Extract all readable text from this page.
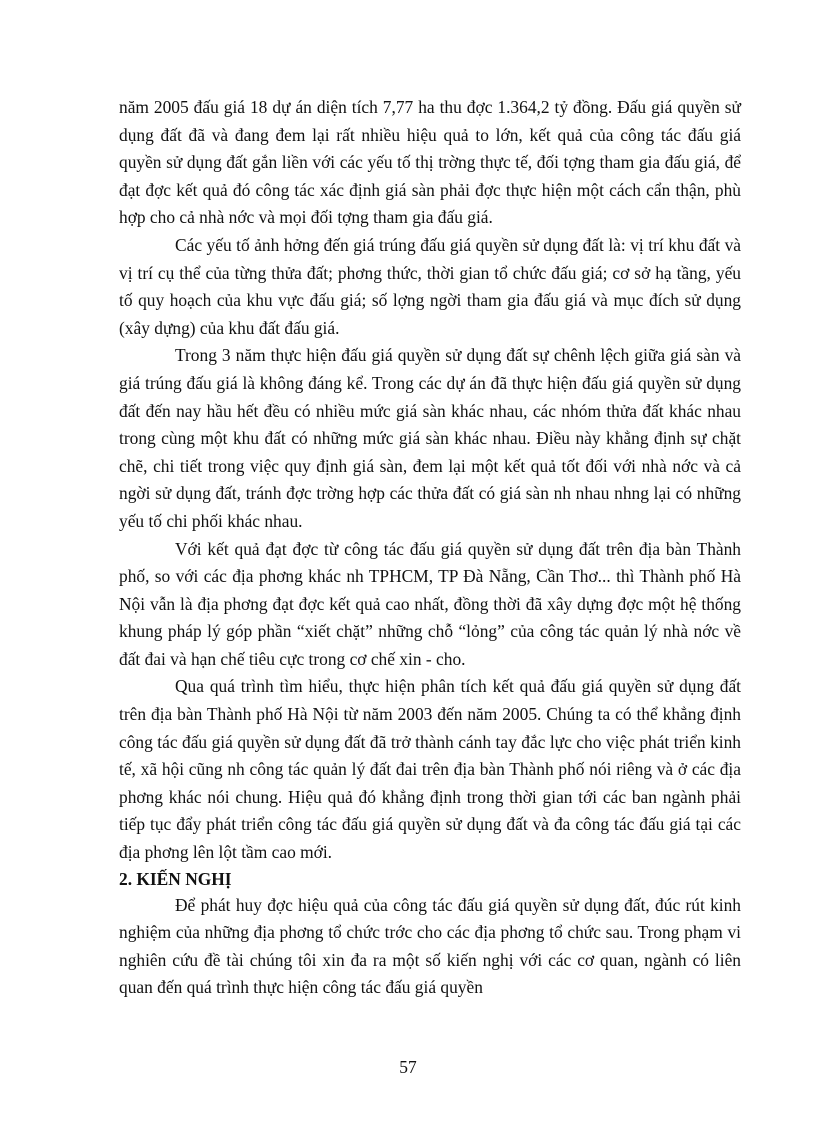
năm 2005 đấu giá 18 dự án diện tích 7,77 ha thu đợc 1.364,2 tỷ đồng. Đấu giá quyền sử dụng đất đã và đang đem lại rất nhiều hiệu quả to lớn, kết quả của công tác đấu giá quyền sử dụng đất gắn liền với các yếu tố thị trờng thực tế, đối tợng tham gia đấu giá, để đạt đợc kết quả đó công tác xác định giá sàn phải đợc thực hiện một cách cẩn thận, phù hợp cho cả nhà nớc và mọi đối tợng tham gia đấu giá.

Các yếu tố ảnh hởng đến giá trúng đấu giá quyền sử dụng đất là: vị trí khu đất và vị trí cụ thể của từng thửa đất; phơng thức, thời gian tổ chức đấu giá; cơ sở hạ tầng, yếu tố quy hoạch của khu vực đấu giá; số lợng ngời tham gia đấu giá và mục đích sử dụng (xây dựng) của khu đất đấu giá.

Trong 3 năm thực hiện đấu giá quyền sử dụng đất sự chênh lệch giữa giá sàn và giá trúng đấu giá là không đáng kể. Trong các dự án đã thực hiện đấu giá quyền sử dụng đất đến nay hầu hết đều có nhiều mức giá sàn khác nhau, các nhóm thửa đất khác nhau trong cùng một khu đất có những mức giá sàn khác nhau. Điều này khẳng định sự chặt chẽ, chi tiết trong việc quy định giá sàn, đem lại một kết quả tốt đối với nhà nớc và cả ngời sử dụng đất, tránh đợc trờng hợp các thửa đất có giá sàn nh nhau nhng lại có những yếu tố chi phối khác nhau.

Với kết quả đạt đợc từ công tác đấu giá quyền sử dụng đất trên địa bàn Thành phố, so với các địa phơng khác nh TPHCM, TP Đà Nẵng, Cần Thơ... thì Thành phố Hà Nội vẫn là địa phơng đạt đợc kết quả cao nhất, đồng thời đã xây dựng đợc một hệ thống khung pháp lý góp phần “xiết chặt” những chỗ “lỏng” của công tác quản lý nhà nớc về đất đai và hạn chế tiêu cực trong cơ chế xin - cho.

Qua quá trình tìm hiểu, thực hiện phân tích kết quả đấu giá quyền sử dụng đất trên địa bàn Thành phố Hà Nội từ năm 2003 đến năm 2005. Chúng ta có thể khẳng định công tác đấu giá quyền sử dụng đất đã trở thành cánh tay đắc lực cho việc phát triển kinh tế, xã hội cũng nh công tác quản lý đất đai trên địa bàn Thành phố nói riêng và ở các địa phơng khác nói chung. Hiệu quả đó khẳng định trong thời gian tới các ban ngành phải tiếp tục đẩy phát triển công tác đấu giá quyền sử dụng đất và đa công tác đấu giá tại các địa phơng lên lột tầm cao mới.

2. KIẾN NGHỊ

Để phát huy đợc hiệu quả của công tác đấu giá quyền sử dụng đất, đúc rút kinh nghiệm của những địa phơng tổ chức trớc cho các địa phơng tổ chức sau. Trong phạm vi nghiên cứu đề tài chúng tôi xin đa ra một số kiến nghị với các cơ quan, ngành có liên quan đến quá trình thực hiện công tác đấu giá quyền

57
